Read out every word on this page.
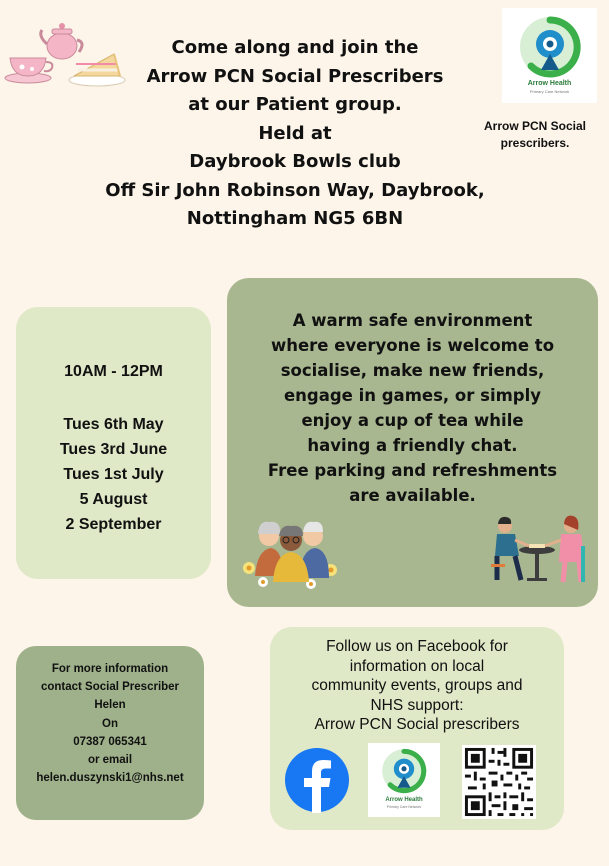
Come along and join the
Arrow PCN Social Prescribers
at our Patient group.
Held at
Daybrook Bowls club
Off Sir John Robinson Way, Daybrook,
Nottingham NG5 6BN
Arrow Health
Primary Care Network
Arrow PCN Social
prescribers.
10AM - 12PM
Tues 6th May
Tues 3rd June
Tues 1st July
5 August
2 September
A warm safe environment
where everyone is welcome to
socialise, make new friends,
engage in games, or simply
enjoy a cup of tea while
having a friendly chat.
Free parking and refreshments
are available.
For more information
contact Social Prescriber
Helen
On
07387 065341
or email
helen.duszynski1@nhs.net
Follow us on Facebook for
information on local
community events, groups and
NHS support:
Arrow PCN Social prescribers
Arrow Health
Primary Care Network
